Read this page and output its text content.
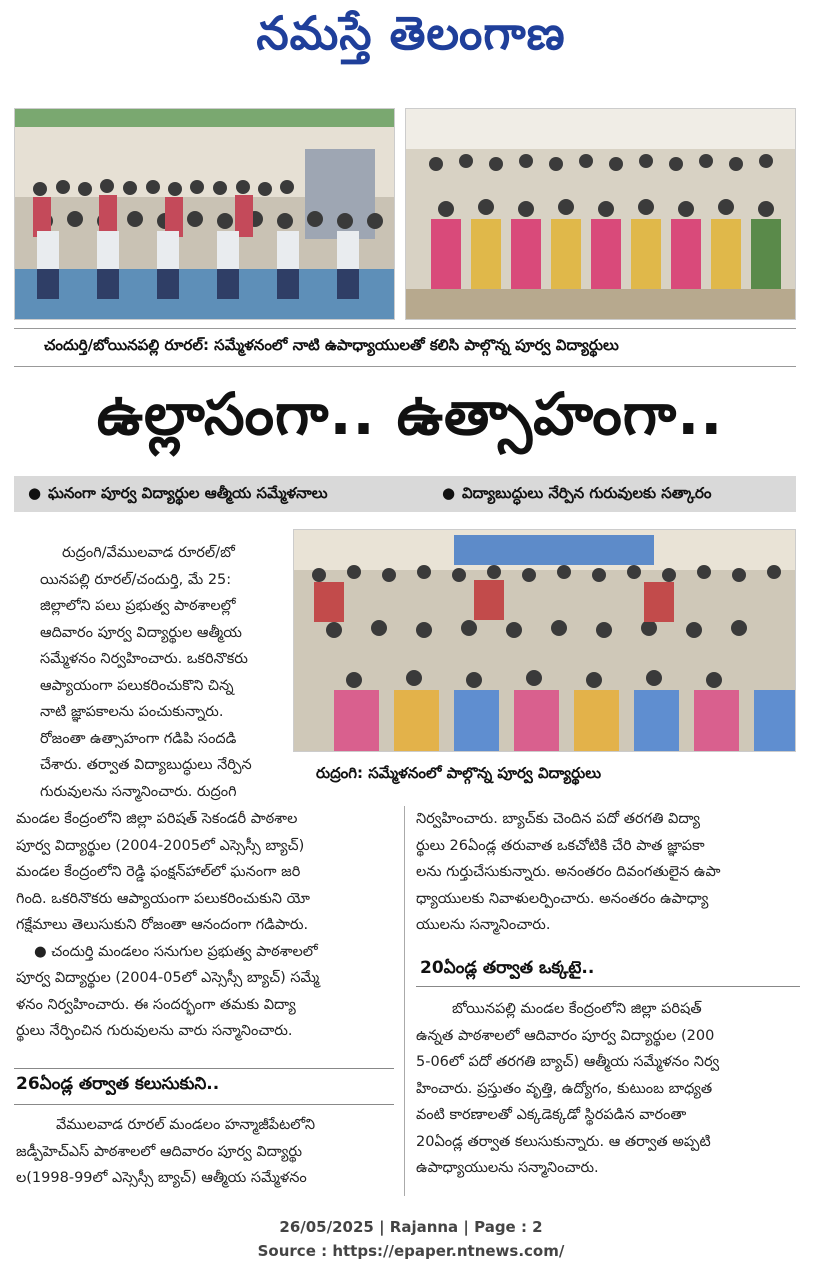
నమస్తే తెలంగాణ
చందుర్తి/బోయినపల్లి రూరల్: సమ్మేళనంలో నాటి ఉపాధ్యాయులతో కలిసి పాల్గొన్న పూర్వ విద్యార్థులు
ఉల్లాసంగా.. ఉత్సాహంగా..
● ఘనంగా పూర్వ విద్యార్థుల ఆత్మీయ సమ్మేళనాలు	● విద్యాబుద్ధులు నేర్పిన గురువులకు సత్కారం
రుద్రంగి: సమ్మేళనంలో పాల్గొన్న పూర్వ విద్యార్థులు

రుద్రంగి/వేములవాడ రూరల్/బో

యినపల్లి రూరల్/చందుర్తి, మే 25:

జిల్లాలోని పలు ప్రభుత్వ పాఠశాలల్లో

ఆదివారం పూర్వ విద్యార్థుల ఆత్మీయ

సమ్మేళనం నిర్వహించారు. ఒకరినొకరు

ఆప్యాయంగా పలుకరించుకొని చిన్న

నాటి జ్ఞాపకాలను పంచుకున్నారు.

రోజంతా ఉత్సాహంగా గడిపి సందడి

చేశారు. తర్వాత విద్యాబుద్ధులు నేర్పిన

గురువులను సన్మానించారు. రుద్రంగి

మండల కేంద్రంలోని జిల్లా పరిషత్ సెకండరీ పాఠశాల

పూర్వ విద్యార్థుల (2004-2005లో ఎస్సెస్సీ బ్యాచ్)

మండల కేంద్రంలోని రెడ్డి ఫంక్షన్‌హాల్‌లో ఘనంగా జరి

గింది. ఒకరినొకరు ఆప్యాయంగా పలుకరించుకుని యో

గక్షేమాలు తెలుసుకుని రోజంతా ఆనందంగా గడిపారు.

● చందుర్తి మండలం సనుగుల ప్రభుత్వ పాఠశాలలో

పూర్వ విద్యార్థుల (2004-05లో ఎస్సెస్సీ బ్యాచ్) సమ్మే

ళనం నిర్వహించారు. ఈ సందర్భంగా తమకు విద్యా

ర్థులు నేర్పించిన గురువులను వారు సన్మానించారు.

26ఏండ్ల తర్వాత కలుసుకుని..

వేములవాడ రూరల్ మండలం హన్మాజీపేటలోని

జడ్పీహెచ్‌ఎస్ పాఠశాలలో ఆదివారం పూర్వ విద్యార్థు

ల(1998-99లో ఎస్సెస్సీ బ్యాచ్) ఆత్మీయ సమ్మేళనం

నిర్వహించారు. బ్యాచ్‌కు చెందిన పదో తరగతి విద్యా

ర్థులు 26ఏండ్ల తరువాత ఒకచోటికి చేరి పాత జ్ఞాపకా

లను గుర్తుచేసుకున్నారు. అనంతరం దివంగతులైన ఉపా

ధ్యాయులకు నివాళులర్పించారు. అనంతరం ఉపాధ్యా

యులను సన్మానించారు.

20ఏండ్ల తర్వాత ఒక్కటై..

బోయినపల్లి మండల కేంద్రంలోని జిల్లా పరిషత్

ఉన్నత పాఠశాలలో ఆదివారం పూర్వ విద్యార్థుల (200

5-06లో పదో తరగతి బ్యాచ్) ఆత్మీయ సమ్మేళనం నిర్వ

హించారు. ప్రస్తుతం వృత్తి, ఉద్యోగం, కుటుంబ బాధ్యత

వంటి కారణాలతో ఎక్కడెక్కడో స్థిరపడిన వారంతా

20ఏండ్ల తర్వాత కలుసుకున్నారు. ఆ తర్వాత అప్పటి

ఉపాధ్యాయులను సన్మానించారు.

26/05/2025 | Rajanna | Page : 2
Source : https://epaper.ntnews.com/
